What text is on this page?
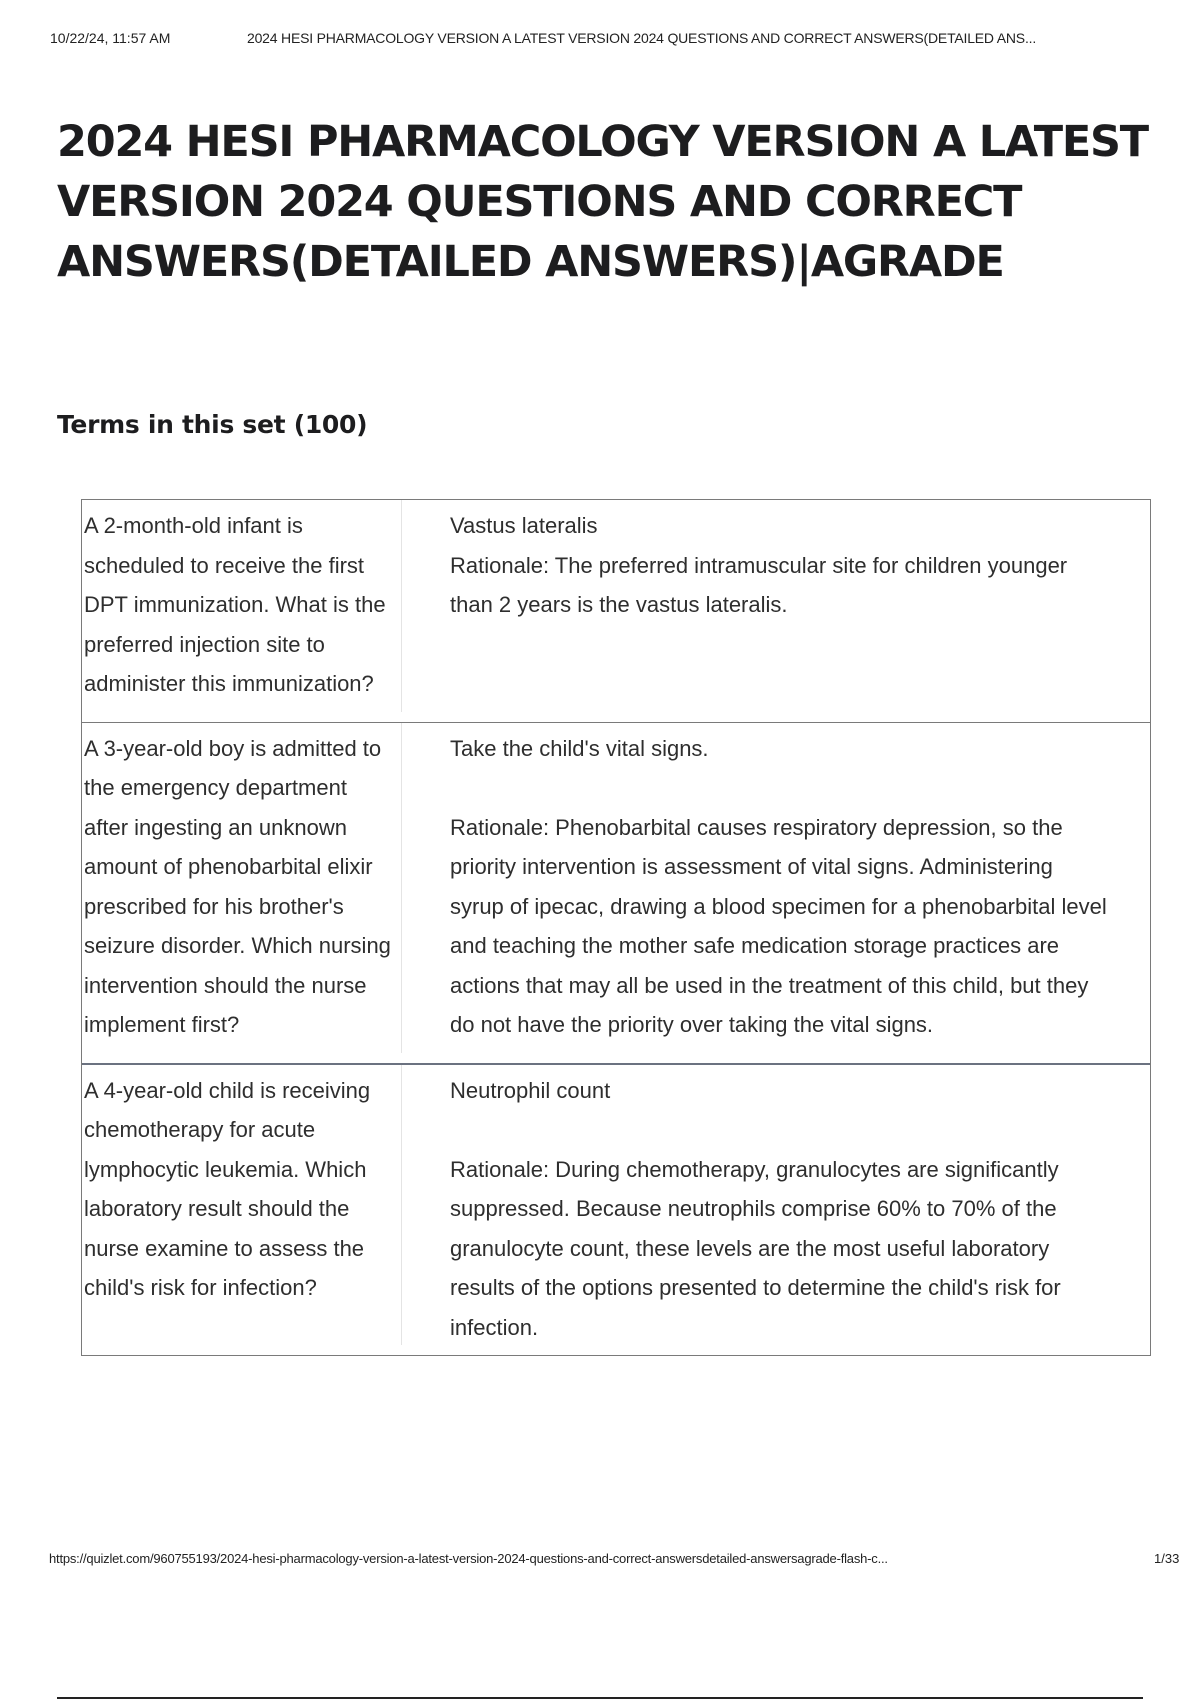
10/22/24, 11:57 AM	2024 HESI PHARMACOLOGY VERSION A LATEST VERSION 2024 QUESTIONS AND CORRECT ANSWERS(DETAILED ANS...
2024 HESI PHARMACOLOGY VERSION A LATEST VERSION 2024 QUESTIONS AND CORRECT ANSWERS(DETAILED ANSWERS)|AGRADE
Terms in this set (100)
A 2-month-old infant is scheduled to receive the first DPT immunization. What is the preferred injection site to administer this immunization?

Vastus lateralis

Rationale: The preferred intramuscular site for children younger than 2 years is the vastus lateralis.

A 3-year-old boy is admitted to the emergency department after ingesting an unknown amount of phenobarbital elixir prescribed for his brother's seizure disorder. Which nursing intervention should the nurse implement first?

Take the child's vital signs.

Rationale: Phenobarbital causes respiratory depression, so the priority intervention is assessment of vital signs. Administering syrup of ipecac, drawing a blood specimen for a phenobarbital level and teaching the mother safe medication storage practices are actions that may all be used in the treatment of this child, but they do not have the priority over taking the vital signs.

A 4-year-old child is receiving chemotherapy for acute lymphocytic leukemia. Which laboratory result should the nurse examine to assess the child's risk for infection?

Neutrophil count

Rationale: During chemotherapy, granulocytes are significantly suppressed. Because neutrophils comprise 60% to 70% of the granulocyte count, these levels are the most useful laboratory results of the options presented to determine the child's risk for infection.

https://quizlet.com/960755193/2024-hesi-pharmacology-version-a-latest-version-2024-questions-and-correct-answersdetailed-answersagrade-flash-c...	1/33
